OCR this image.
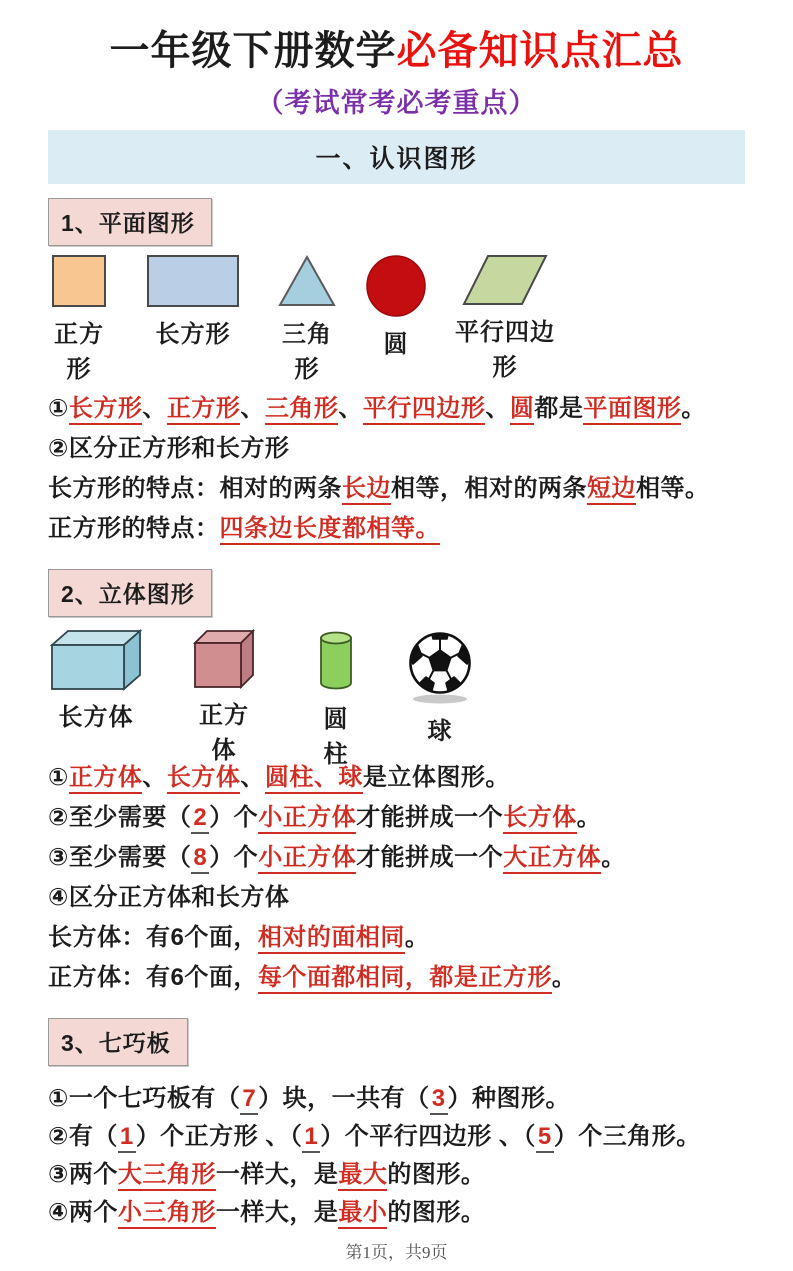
一年级下册数学必备知识点汇总
（考试常考必考重点）
一、认识图形
1、平面图形
正方形
长方形	三角形
圆	平行四边形

①长方形、正方形、三角形、平行四边形、圆都是平面图形。

②区分正方形和长方形

长方形的特点：相对的两条长边相等，相对的两条短边相等。

正方形的特点：四条边长度都相等。

2、立体图形
长方体	正方体
圆柱
球

①正方体、长方体、圆柱、球是立体图形。

②至少需要（2）个小正方体才能拼成一个长方体。

③至少需要（8）个小正方体才能拼成一个大正方体。

④区分正方体和长方体

长方体：有6个面，相对的面相同。

正方体：有6个面，每个面都相同，都是正方形。

3、七巧板

①一个七巧板有（7）块，一共有（3）种图形。

②有（1）个正方形 、（1）个平行四边形 、（5）个三角形。

③两个大三角形一样大，是最大的图形。

④两个小三角形一样大，是最小的图形。

第1页，共9页
